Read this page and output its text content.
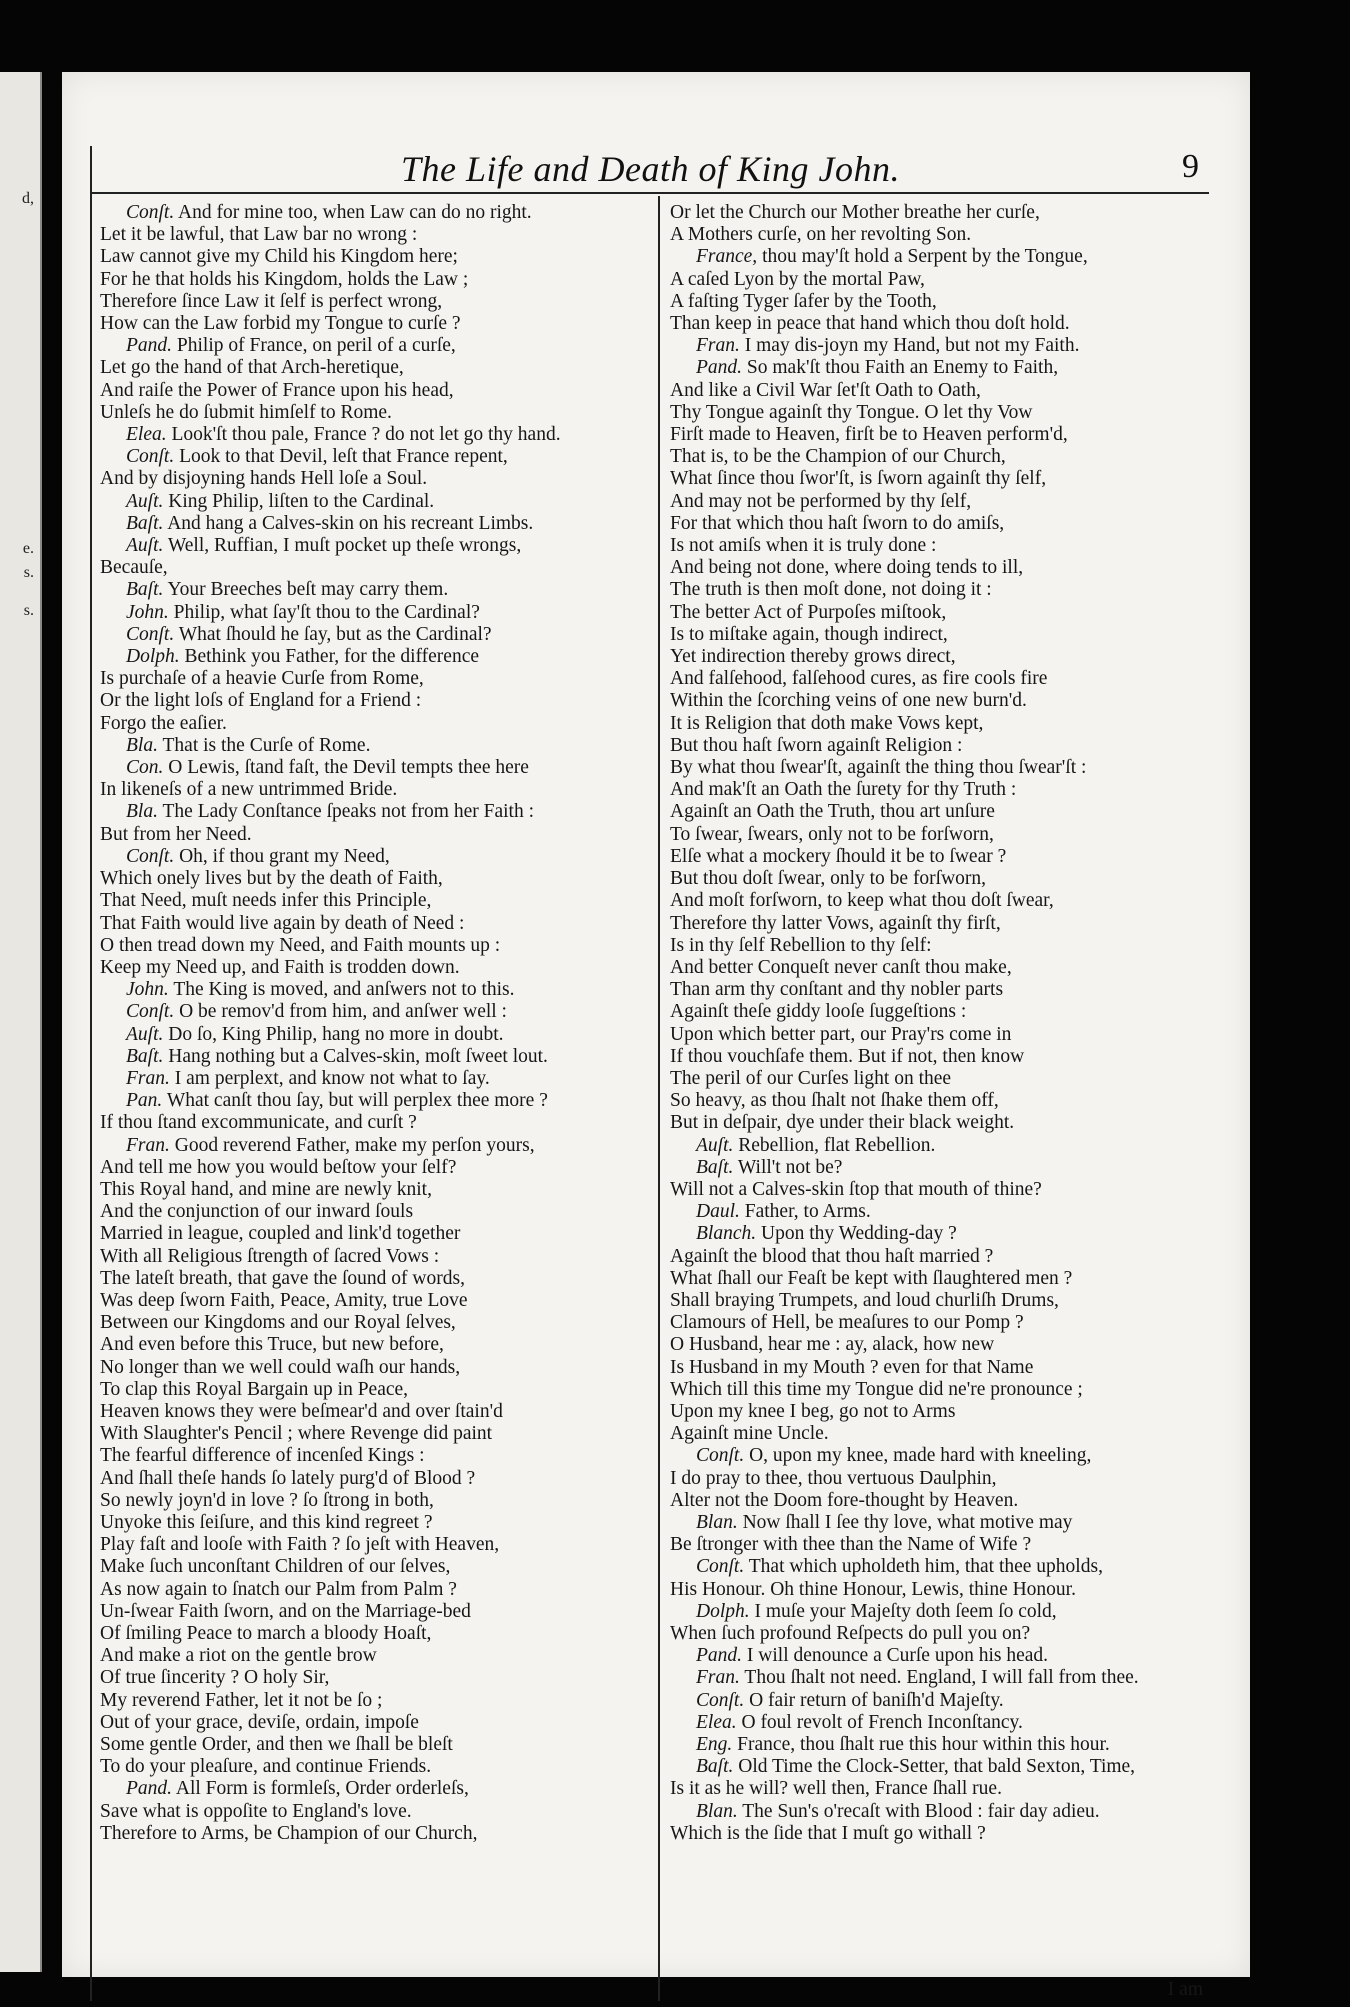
d,
e.
s.
s.
The Life and Death of King John.	9
Conſt. And for mine too, when Law can do no right.
Let it be lawful, that Law bar no wrong :
Law cannot give my Child his Kingdom here;
For he that holds his Kingdom, holds the Law ;
Therefore ſince Law it ſelf is perfect wrong,
How can the Law forbid my Tongue to curſe ?
Pand. Philip of France, on peril of a curſe,
Let go the hand of that Arch-heretique,
And raiſe the Power of France upon his head,
Unleſs he do ſubmit himſelf to Rome.
Elea. Look'ſt thou pale, France ? do not let go thy hand.
Conſt. Look to that Devil, leſt that France repent,
And by disjoyning hands Hell loſe a Soul.
Auſt. King Philip, liſten to the Cardinal.
Baſt. And hang a Calves-skin on his recreant Limbs.
Auſt. Well, Ruffian, I muſt pocket up theſe wrongs,
Becauſe,
Baſt. Your Breeches beſt may carry them.
John. Philip, what ſay'ſt thou to the Cardinal?
Conſt. What ſhould he ſay, but as the Cardinal?
Dolph. Bethink you Father, for the difference
Is purchaſe of a heavie Curſe from Rome,
Or the light loſs of England for a Friend :
Forgo the eaſier.
Bla. That is the Curſe of Rome.
Con. O Lewis, ſtand faſt, the Devil tempts thee here
In likeneſs of a new untrimmed Bride.
Bla. The Lady Conſtance ſpeaks not from her Faith :
But from her Need.
Conſt. Oh, if thou grant my Need,
Which onely lives but by the death of Faith,
That Need, muſt needs infer this Principle,
That Faith would live again by death of Need :
O then tread down my Need, and Faith mounts up :
Keep my Need up, and Faith is trodden down.
John. The King is moved, and anſwers not to this.
Conſt. O be remov'd from him, and anſwer well :
Auſt. Do ſo, King Philip, hang no more in doubt.
Baſt. Hang nothing but a Calves-skin, moſt ſweet lout.
Fran. I am perplext, and know not what to ſay.
Pan. What canſt thou ſay, but will perplex thee more ?
If thou ſtand excommunicate, and curſt ?
Fran. Good reverend Father, make my perſon yours,
And tell me how you would beſtow your ſelf?
This Royal hand, and mine are newly knit,
And the conjunction of our inward ſouls
Married in league, coupled and link'd together
With all Religious ſtrength of ſacred Vows :
The lateſt breath, that gave the ſound of words,
Was deep ſworn Faith, Peace, Amity, true Love
Between our Kingdoms and our Royal ſelves,
And even before this Truce, but new before,
No longer than we well could waſh our hands,
To clap this Royal Bargain up in Peace,
Heaven knows they were beſmear'd and over ſtain'd
With Slaughter's Pencil ; where Revenge did paint
The fearful difference of incenſed Kings :
And ſhall theſe hands ſo lately purg'd of Blood ?
So newly joyn'd in love ? ſo ſtrong in both,
Unyoke this ſeiſure, and this kind regreet ?
Play faſt and looſe with Faith ? ſo jeſt with Heaven,
Make ſuch unconſtant Children of our ſelves,
As now again to ſnatch our Palm from Palm ?
Un-ſwear Faith ſworn, and on the Marriage-bed
Of ſmiling Peace to march a bloody Hoaſt,
And make a riot on the gentle brow
Of true ſincerity ? O holy Sir,
My reverend Father, let it not be ſo ;
Out of your grace, deviſe, ordain, impoſe
Some gentle Order, and then we ſhall be bleſt
To do your pleaſure, and continue Friends.
Pand. All Form is formleſs, Order orderleſs,
Save what is oppoſite to England's love.
Therefore to Arms, be Champion of our Church,
Or let the Church our Mother breathe her curſe,
A Mothers curſe, on her revolting Son.
France, thou may'ſt hold a Serpent by the Tongue,
A caſed Lyon by the mortal Paw,
A faſting Tyger ſafer by the Tooth,
Than keep in peace that hand which thou doſt hold.
Fran. I may dis-joyn my Hand, but not my Faith.
Pand. So mak'ſt thou Faith an Enemy to Faith,
And like a Civil War ſet'ſt Oath to Oath,
Thy Tongue againſt thy Tongue. O let thy Vow
Firſt made to Heaven, firſt be to Heaven perform'd,
That is, to be the Champion of our Church,
What ſince thou ſwor'ſt, is ſworn againſt thy ſelf,
And may not be performed by thy ſelf,
For that which thou haſt ſworn to do amiſs,
Is not amiſs when it is truly done :
And being not done, where doing tends to ill,
The truth is then moſt done, not doing it :
The better Act of Purpoſes miſtook,
Is to miſtake again, though indirect,
Yet indirection thereby grows direct,
And falſehood, falſehood cures, as fire cools fire
Within the ſcorching veins of one new burn'd.
It is Religion that doth make Vows kept,
But thou haſt ſworn againſt Religion :
By what thou ſwear'ſt, againſt the thing thou ſwear'ſt :
And mak'ſt an Oath the ſurety for thy Truth :
Againſt an Oath the Truth, thou art unſure
To ſwear, ſwears, only not to be forſworn,
Elſe what a mockery ſhould it be to ſwear ?
But thou doſt ſwear, only to be forſworn,
And moſt forſworn, to keep what thou doſt ſwear,
Therefore thy latter Vows, againſt thy firſt,
Is in thy ſelf Rebellion to thy ſelf:
And better Conqueſt never canſt thou make,
Than arm thy conſtant and thy nobler parts
Againſt theſe giddy looſe ſuggeſtions :
Upon which better part, our Pray'rs come in
If thou vouchſafe them. But if not, then know
The peril of our Curſes light on thee
So heavy, as thou ſhalt not ſhake them off,
But in deſpair, dye under their black weight.
Auſt. Rebellion, flat Rebellion.
Baſt. Will't not be?
Will not a Calves-skin ſtop that mouth of thine?
Daul. Father, to Arms.
Blanch. Upon thy Wedding-day ?
Againſt the blood that thou haſt married ?
What ſhall our Feaſt be kept with ſlaughtered men ?
Shall braying Trumpets, and loud churliſh Drums,
Clamours of Hell, be meaſures to our Pomp ?
O Husband, hear me : ay, alack, how new
Is Husband in my Mouth ? even for that Name
Which till this time my Tongue did ne're pronounce ;
Upon my knee I beg, go not to Arms
Againſt mine Uncle.
Conſt. O, upon my knee, made hard with kneeling,
I do pray to thee, thou vertuous Daulphin,
Alter not the Doom fore-thought by Heaven.
Blan. Now ſhall I ſee thy love, what motive may
Be ſtronger with thee than the Name of Wife ?
Conſt. That which upholdeth him, that thee upholds,
His Honour. Oh thine Honour, Lewis, thine Honour.
Dolph. I muſe your Majeſty doth ſeem ſo cold,
When ſuch profound Reſpects do pull you on?
Pand. I will denounce a Curſe upon his head.
Fran. Thou ſhalt not need. England, I will fall from thee.
Conſt. O fair return of baniſh'd Majeſty.
Elea. O foul revolt of French Inconſtancy.
Eng. France, thou ſhalt rue this hour within this hour.
Baſt. Old Time the Clock-Setter, that bald Sexton, Time,
Is it as he will? well then, France ſhall rue.
Blan. The Sun's o'recaſt with Blood : fair day adieu.
Which is the ſide that I muſt go withall ?
I am
